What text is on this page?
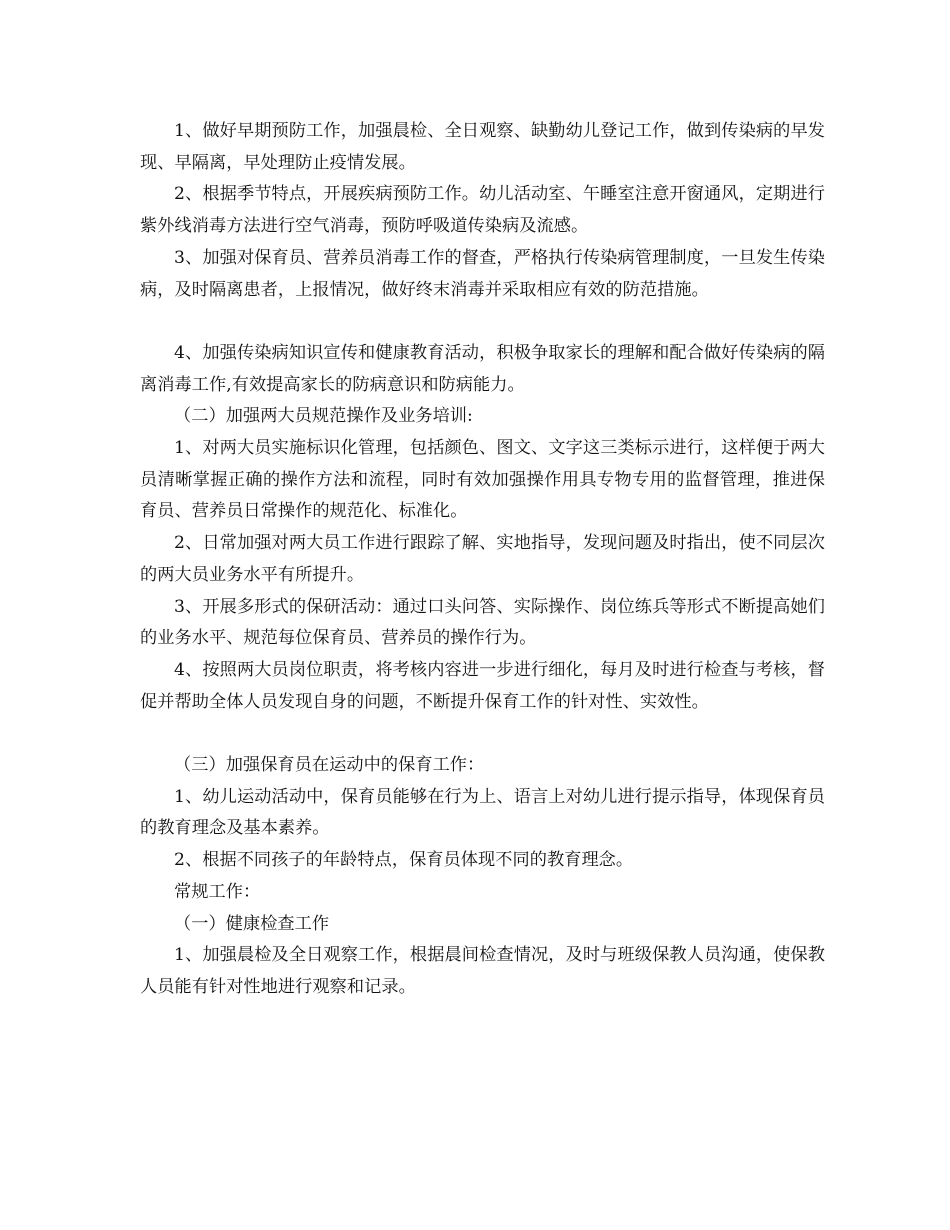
1、做好早期预防工作，加强晨检、全日观察、缺勤幼儿登记工作，做到传染病的早发现、早隔离，早处理防止疫情发展。

2、根据季节特点，开展疾病预防工作。幼儿活动室、午睡室注意开窗通风，定期进行紫外线消毒方法进行空气消毒，预防呼吸道传染病及流感。

3、加强对保育员、营养员消毒工作的督查，严格执行传染病管理制度，一旦发生传染病，及时隔离患者，上报情况，做好终末消毒并采取相应有效的防范措施。

4、加强传染病知识宣传和健康教育活动，积极争取家长的理解和配合做好传染病的隔离消毒工作,有效提高家长的防病意识和防病能力。

（二）加强两大员规范操作及业务培训:

1、对两大员实施标识化管理，包括颜色、图文、文字这三类标示进行，这样便于两大员清晰掌握正确的操作方法和流程，同时有效加强操作用具专物专用的监督管理，推进保育员、营养员日常操作的规范化、标准化。

2、日常加强对两大员工作进行跟踪了解、实地指导，发现问题及时指出，使不同层次的两大员业务水平有所提升。

3、开展多形式的保研活动：通过口头问答、实际操作、岗位练兵等形式不断提高她们的业务水平、规范每位保育员、营养员的操作行为。

4、按照两大员岗位职责，将考核内容进一步进行细化，每月及时进行检查与考核，督促并帮助全体人员发现自身的问题，不断提升保育工作的针对性、实效性。

（三）加强保育员在运动中的保育工作：

1、幼儿运动活动中，保育员能够在行为上、语言上对幼儿进行提示指导，体现保育员的教育理念及基本素养。

2、根据不同孩子的年龄特点，保育员体现不同的教育理念。

常规工作：

（一）健康检查工作

1、加强晨检及全日观察工作，根据晨间检查情况，及时与班级保教人员沟通，使保教人员能有针对性地进行观察和记录。
